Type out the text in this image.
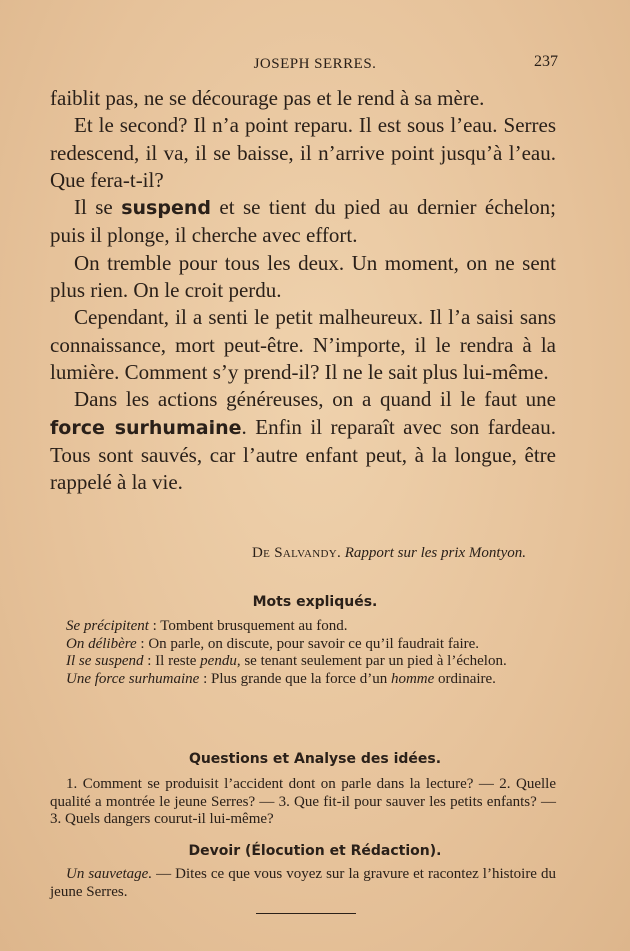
JOSEPH SERRES.	237

faiblit pas, ne se décourage pas et le rend à sa mère.

Et le second? Il n’a point reparu. Il est sous l’eau. Serres redescend, il va, il se baisse, il n’arrive point jusqu’à l’eau. Que fera-t-il?

Il se suspend et se tient du pied au dernier échelon; puis il plonge, il cherche avec effort.

On tremble pour tous les deux. Un moment, on ne sent plus rien. On le croit perdu.

Cependant, il a senti le petit malheureux. Il l’a saisi sans connaissance, mort peut-être. N’importe, il le rendra à la lumière. Comment s’y prend-il? Il ne le sait plus lui-même.

Dans les actions généreuses, on a quand il le faut une force surhumaine. Enfin il reparaît avec son fardeau. Tous sont sauvés, car l’autre enfant peut, à la longue, être rappelé à la vie.

De Salvandy. Rapport sur les prix Montyon.
Mots expliqués.

Se précipitent : Tombent brusquement au fond.

On délibère : On parle, on discute, pour savoir ce qu’il faudrait faire.

Il se suspend : Il reste pendu, se tenant seulement par un pied à l’échelon.

Une force surhumaine : Plus grande que la force d’un homme ordinaire.

Questions et Analyse des idées.

1. Comment se produisit l’accident dont on parle dans la lecture? — 2. Quelle qualité a montrée le jeune Serres? — 3. Que fit-il pour sauver les petits enfants? — 3. Quels dangers courut-il lui-même?

Devoir (Élocution et Rédaction).

Un sauvetage. — Dites ce que vous voyez sur la gravure et racontez l’histoire du jeune Serres.
